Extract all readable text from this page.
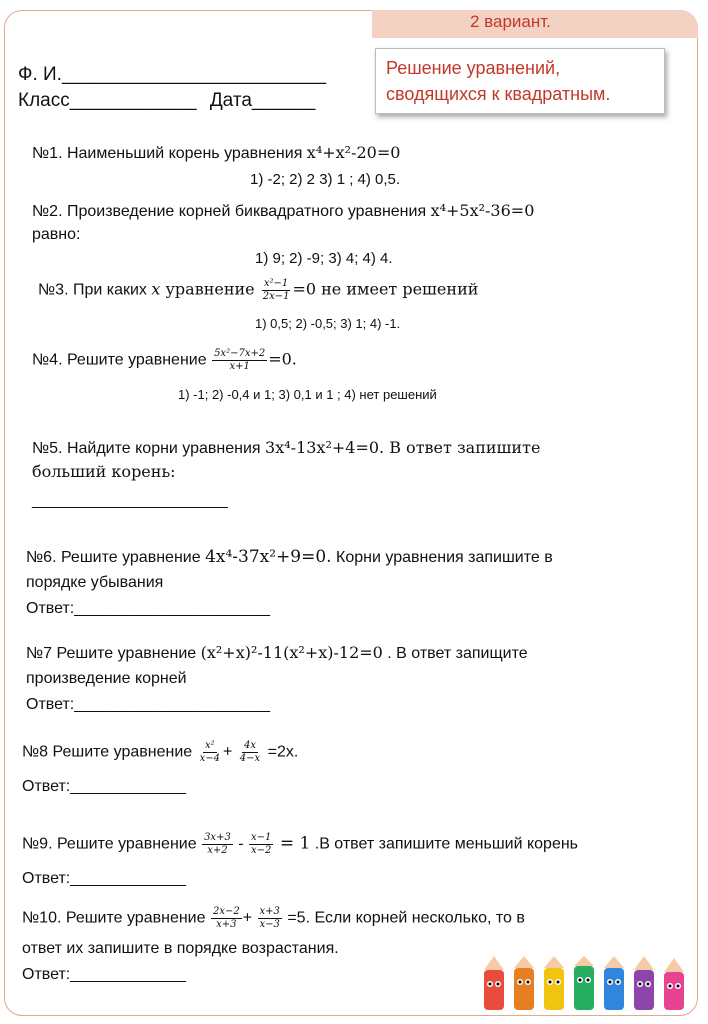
2 вариант.
Ф. И._________________________
Класс____________ Дата______
Решение уравнений,
сводящихся к квадратным.
№1. Наименьший корень уравнения x⁴+x²-20=0
1) -2; 2) 2 3) 1 ; 4) 0,5.
№2. Произведение корней биквадратного уравнения x⁴+5x²-36=0
равно:
1) 9; 2) -9; 3) 4; 4) 4.
№3. При каких x уравнение $\frac{\text{x²−1}}{2x-1} =0$ не имеет решений
1) 0,5; 2) -0,5; 3) 1; 4) -1.
№4. Решите уравнение $\frac{\text{5x²−7x+2}}{x+1} =0$.
1) -1; 2) -0,4 и 1; 3) 0,1 и 1 ; 4) нет решений
№5. Найдите корни уравнения 3x⁴-13x²+4=0. В ответ запишите
больший корень:
______________________
№6. Решите уравнение 4x⁴-37x²+9=0. Корни уравнения запишите в
порядке убывания
Ответ:______________________
№7 Решите уравнение (x²+x)²-11(x²+x)-12=0 . В ответ запищите
произведение корней
Ответ:______________________
№8 Решите уравнение $\frac{\text{x²}}{x-4} + \frac{4x}{4-x} =2x$.
Ответ:_____________
№9. Решите уравнение $\frac{3x+3}{x+2} - \frac{x-1}{x-2} = 1$ .В ответ запишите меньший корень
Ответ:_____________
№10. Решите уравнение $\frac{2x-2}{x+3} + \frac{x+3}{x-3} =5$. Если корней несколько, то в
ответ их запишите в порядке возрастания.
Ответ:_____________
